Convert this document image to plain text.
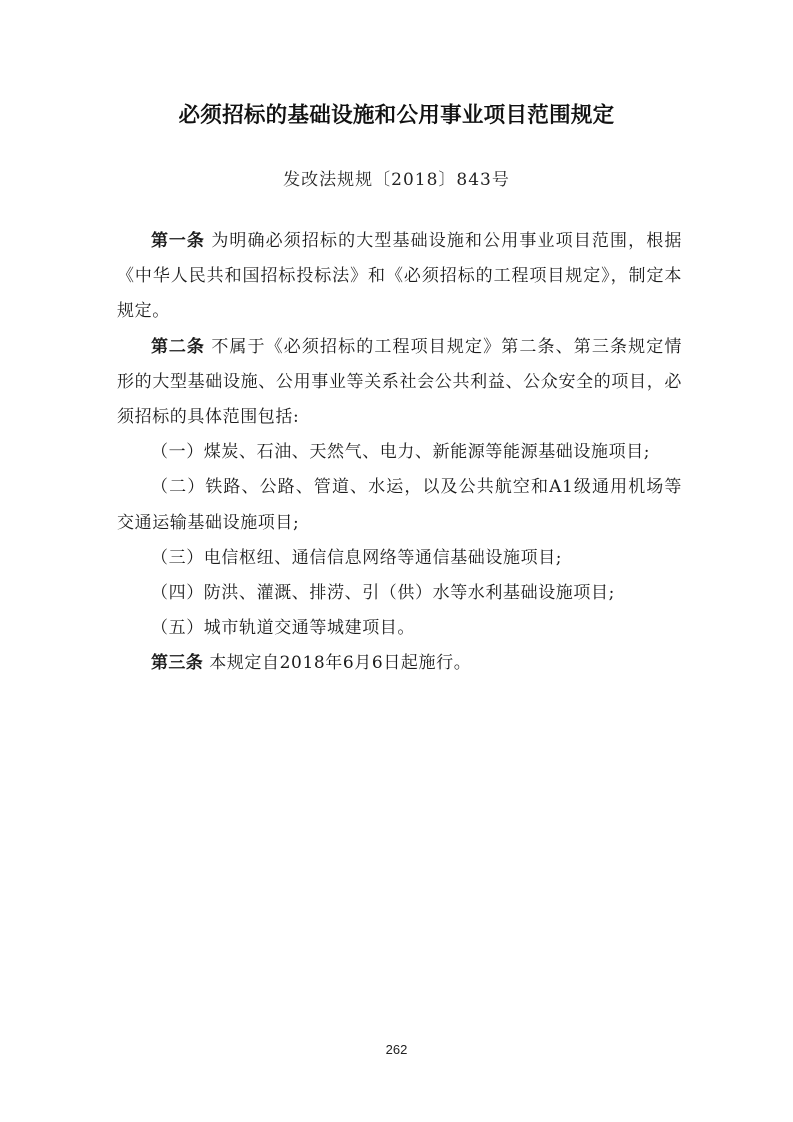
必须招标的基础设施和公用事业项目范围规定
发改法规规〔2018〕843号

第一条 为明确必须招标的大型基础设施和公用事业项目范围，根据《中华人民共和国招标投标法》和《必须招标的工程项目规定》，制定本规定。

第二条 不属于《必须招标的工程项目规定》第二条、第三条规定情形的大型基础设施、公用事业等关系社会公共利益、公众安全的项目，必须招标的具体范围包括:

（一）煤炭、石油、天然气、电力、新能源等能源基础设施项目;

（二）铁路、公路、管道、水运，以及公共航空和A1级通用机场等交通运输基础设施项目;

（三）电信枢纽、通信信息网络等通信基础设施项目;

（四）防洪、灌溉、排涝、引（供）水等水利基础设施项目;

（五）城市轨道交通等城建项目。

第三条 本规定自2018年6月6日起施行。

262
